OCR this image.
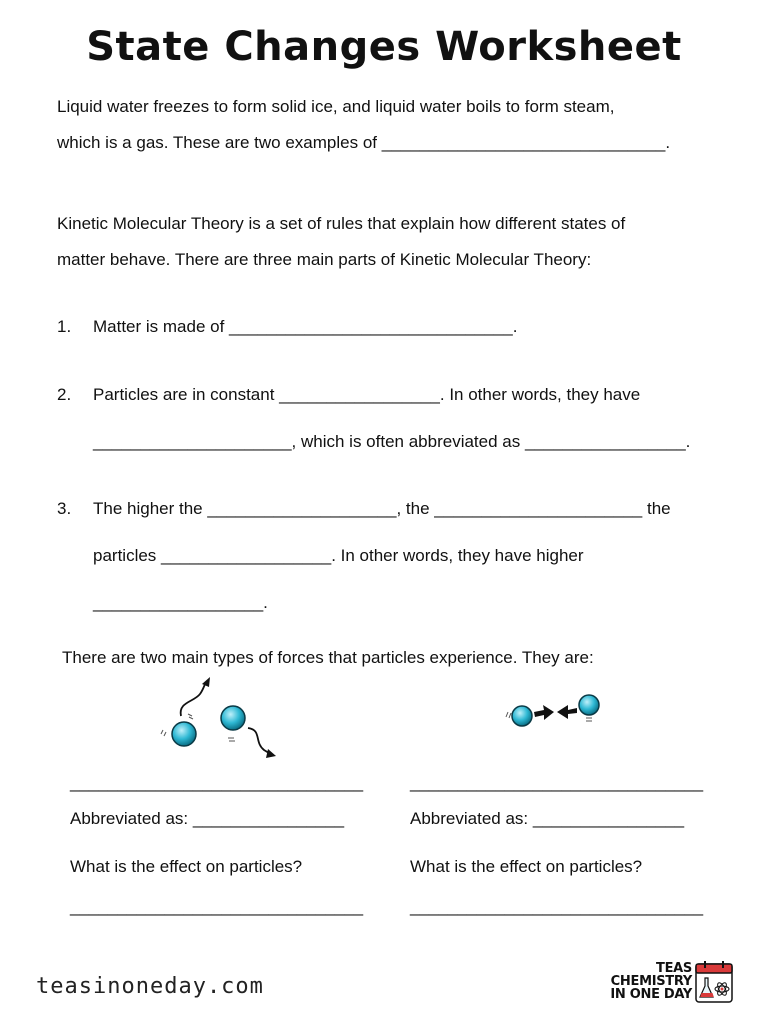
State Changes Worksheet
Liquid water freezes to form solid ice, and liquid water boils to form steam,
which is a gas. These are two examples of ______________________________.
Kinetic Molecular Theory is a set of rules that explain how different states of
matter behave. There are three main parts of Kinetic Molecular Theory:
1. Matter is made of ______________________________.
2. Particles are in constant _________________. In other words, they have
_____________________, which is often abbreviated as _________________.
3. The higher the ____________________, the ______________________ the
particles __________________. In other words, they have higher
__________________.
There are two main types of forces that particles experience. They are:
_______________________________
Abbreviated as: ________________
What is the effect on particles?
_______________________________
_______________________________
Abbreviated as: ________________
What is the effect on particles?
_______________________________
teasinoneday.com
TEAS
CHEMISTRY
IN ONE DAY
